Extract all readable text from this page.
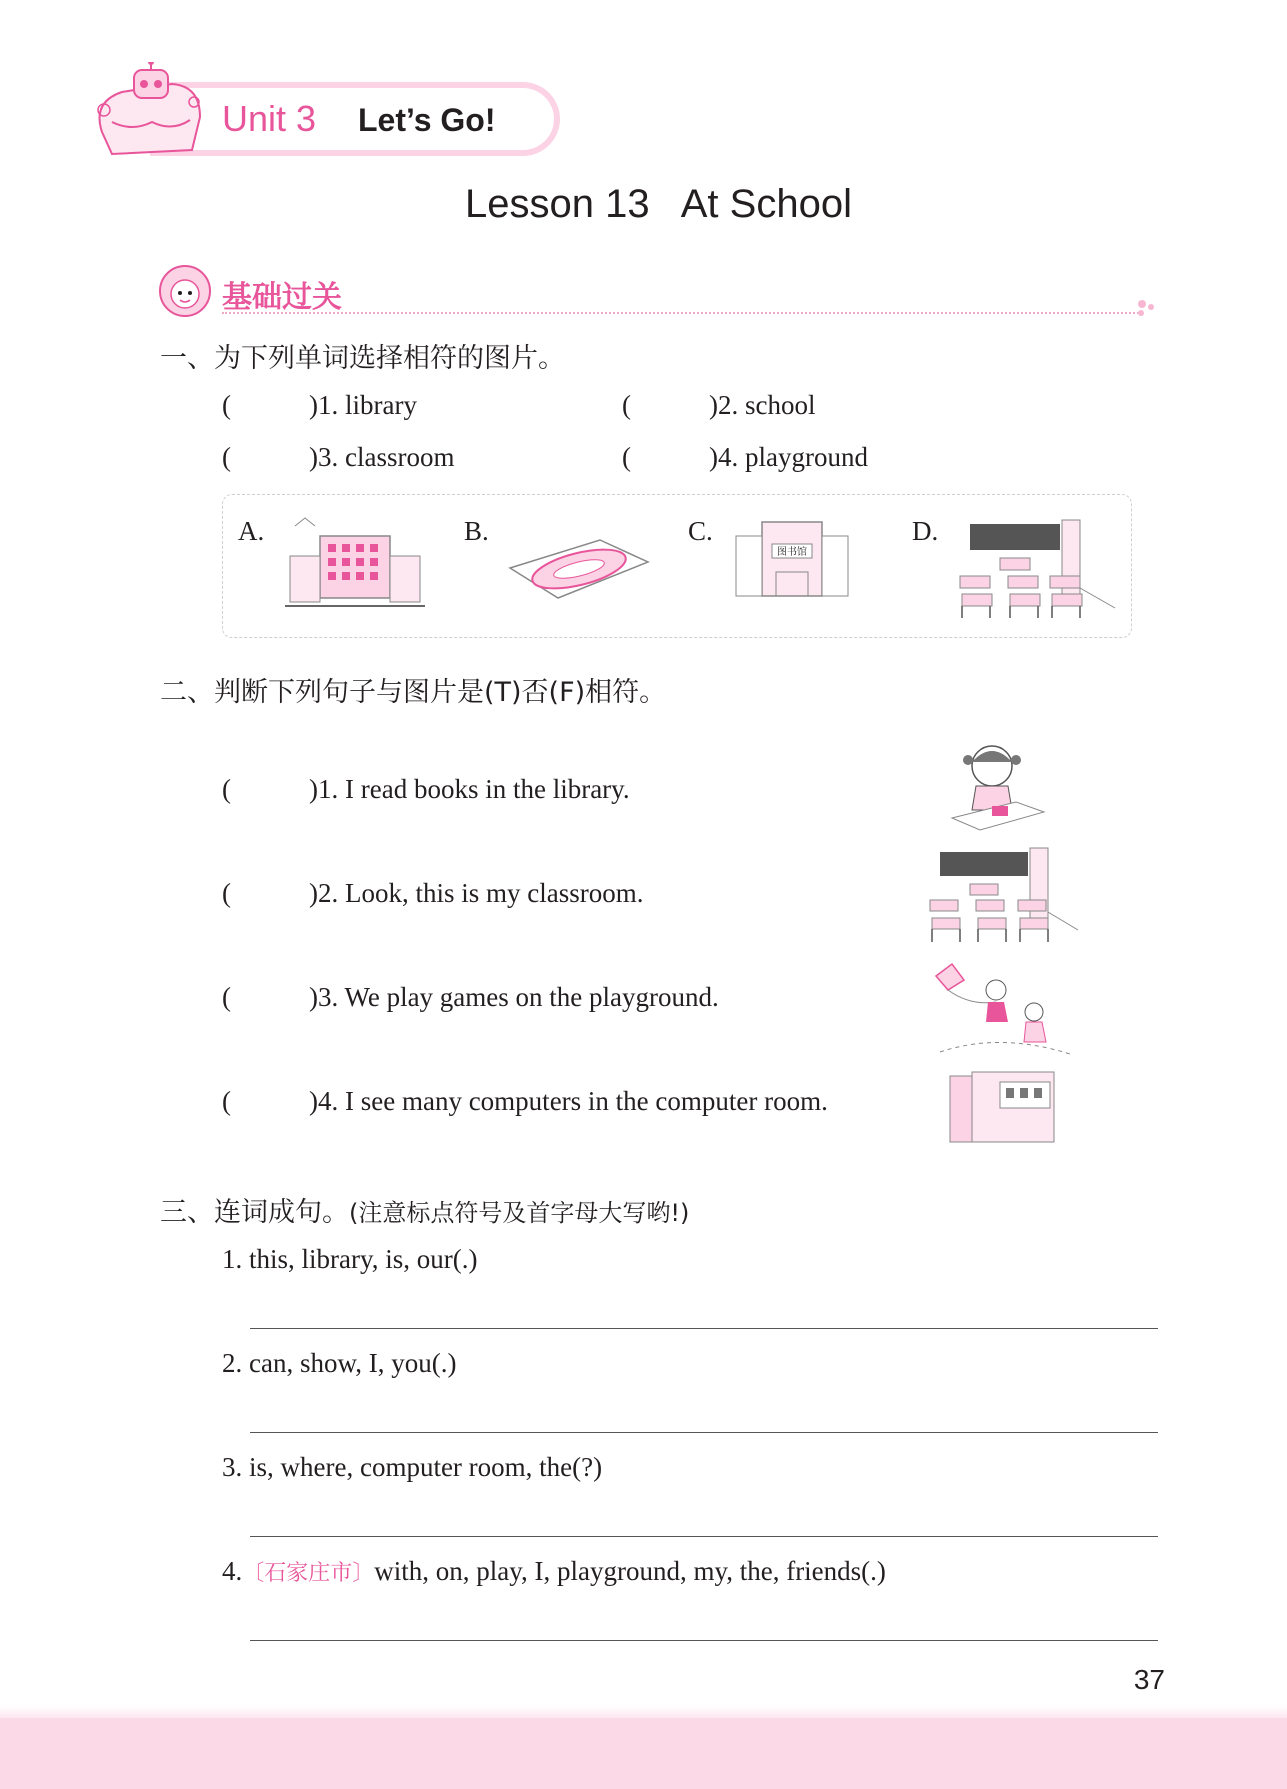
Unit 3 Let’s Go!
Lesson 13   At School
基础过关
一、为下列单词选择相符的图片。
(	)1. library	(	)2. school
(	)3. classroom	(	)4. playground
A.	B.	C.
图书馆
D.
二、判断下列句子与图片是(T)否(F)相符。
(	)1. I read books in the library.
(	)2. Look, this is my classroom.
(	)3. We play games on the playground.
(	)4. I see many computers in the computer room.
三、连词成句。(注意标点符号及首字母大写哟!)
1. this, library, is, our(.)
2. can, show, I, you(.)
3. is, where, computer room, the(?)
4.〔石家庄市〕with, on, play, I, playground, my, the, friends(.)
37
